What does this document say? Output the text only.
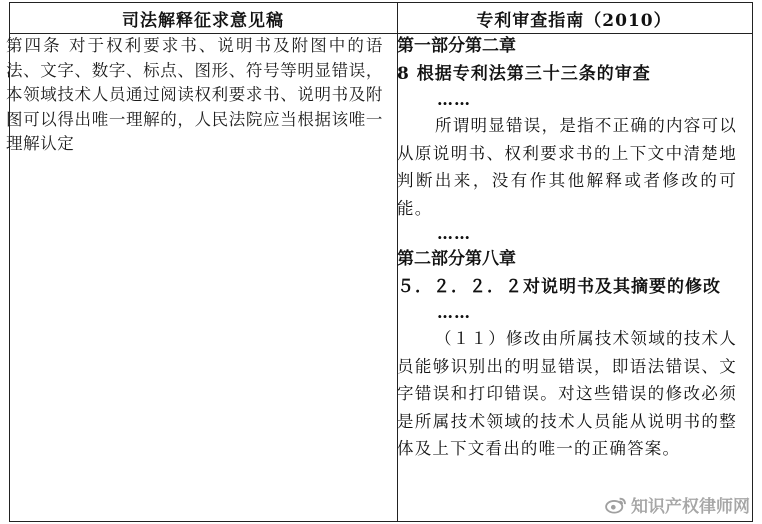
司法解释征求意见稿	专利审查指南（2010）

第四条 对于权利要求书、说明书及附图中的语法、文字、数字、标点、图形、符号等明显错误，本领域技术人员通过阅读权利要求书、说明书及附图可以得出唯一理解的，人民法院应当根据该唯一理解认定

第一部分第二章

8 根据专利法第三十三条的审查

……

所谓明显错误，是指不正确的内容可以从原说明书、权利要求书的上下文中清楚地判断出来，没有作其他解释或者修改的可能。

……

第二部分第八章

５．２．２．２对说明书及其摘要的修改

……

（１１）修改由所属技术领域的技术人员能够识别出的明显错误，即语法错误、文字错误和打印错误。对这些错误的修改必须是所属技术领域的技术人员能从说明书的整体及上下文看出的唯一的正确答案。

知识产权律师网
